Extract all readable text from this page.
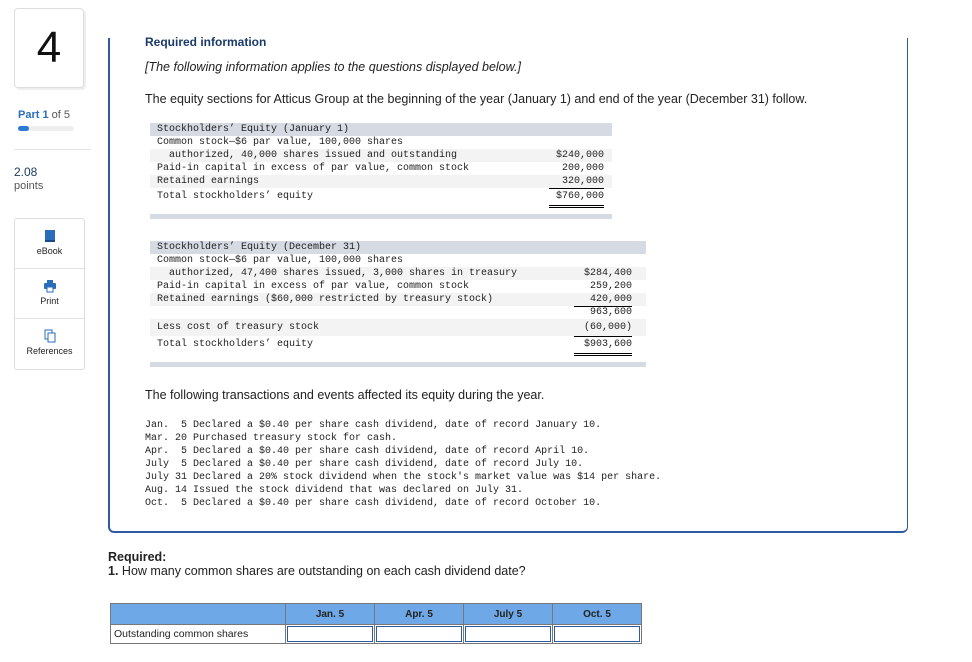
4
Part 1 of 5
2.08
points
eBook
Print
References
Required information
[The following information applies to the questions displayed below.]
The equity sections for Atticus Group at the beginning of the year (January 1) and end of the year (December 31) follow.
Stockholders’ Equity (January 1)
Common stock—$6 par value, 100,000 shares
authorized, 40,000 shares issued and outstanding	$240,000
Paid-in capital in excess of par value, common stock	200,000
Retained earnings	320,000
Total stockholders’ equity	$760,000
Stockholders’ Equity (December 31)
Common stock—$6 par value, 100,000 shares
authorized, 47,400 shares issued, 3,000 shares in treasury	$284,400
Paid-in capital in excess of par value, common stock	259,200
Retained earnings ($60,000 restricted by treasury stock)	420,000
963,600
Less cost of treasury stock	(60,000)
Total stockholders’ equity	$903,600
The following transactions and events affected its equity during the year.
Jan.  5 Declared a $0.40 per share cash dividend, date of record January 10.
Mar. 20 Purchased treasury stock for cash.
Apr.  5 Declared a $0.40 per share cash dividend, date of record April 10.
July  5 Declared a $0.40 per share cash dividend, date of record July 10.
July 31 Declared a 20% stock dividend when the stock's market value was $14 per share.
Aug. 14 Issued the stock dividend that was declared on July 31.
Oct.  5 Declared a $0.40 per share cash dividend, date of record October 10.
Required:
1. How many common shares are outstanding on each cash dividend date?
	Jan. 5	Apr. 5	July 5	Oct. 5
Outstanding common shares	
